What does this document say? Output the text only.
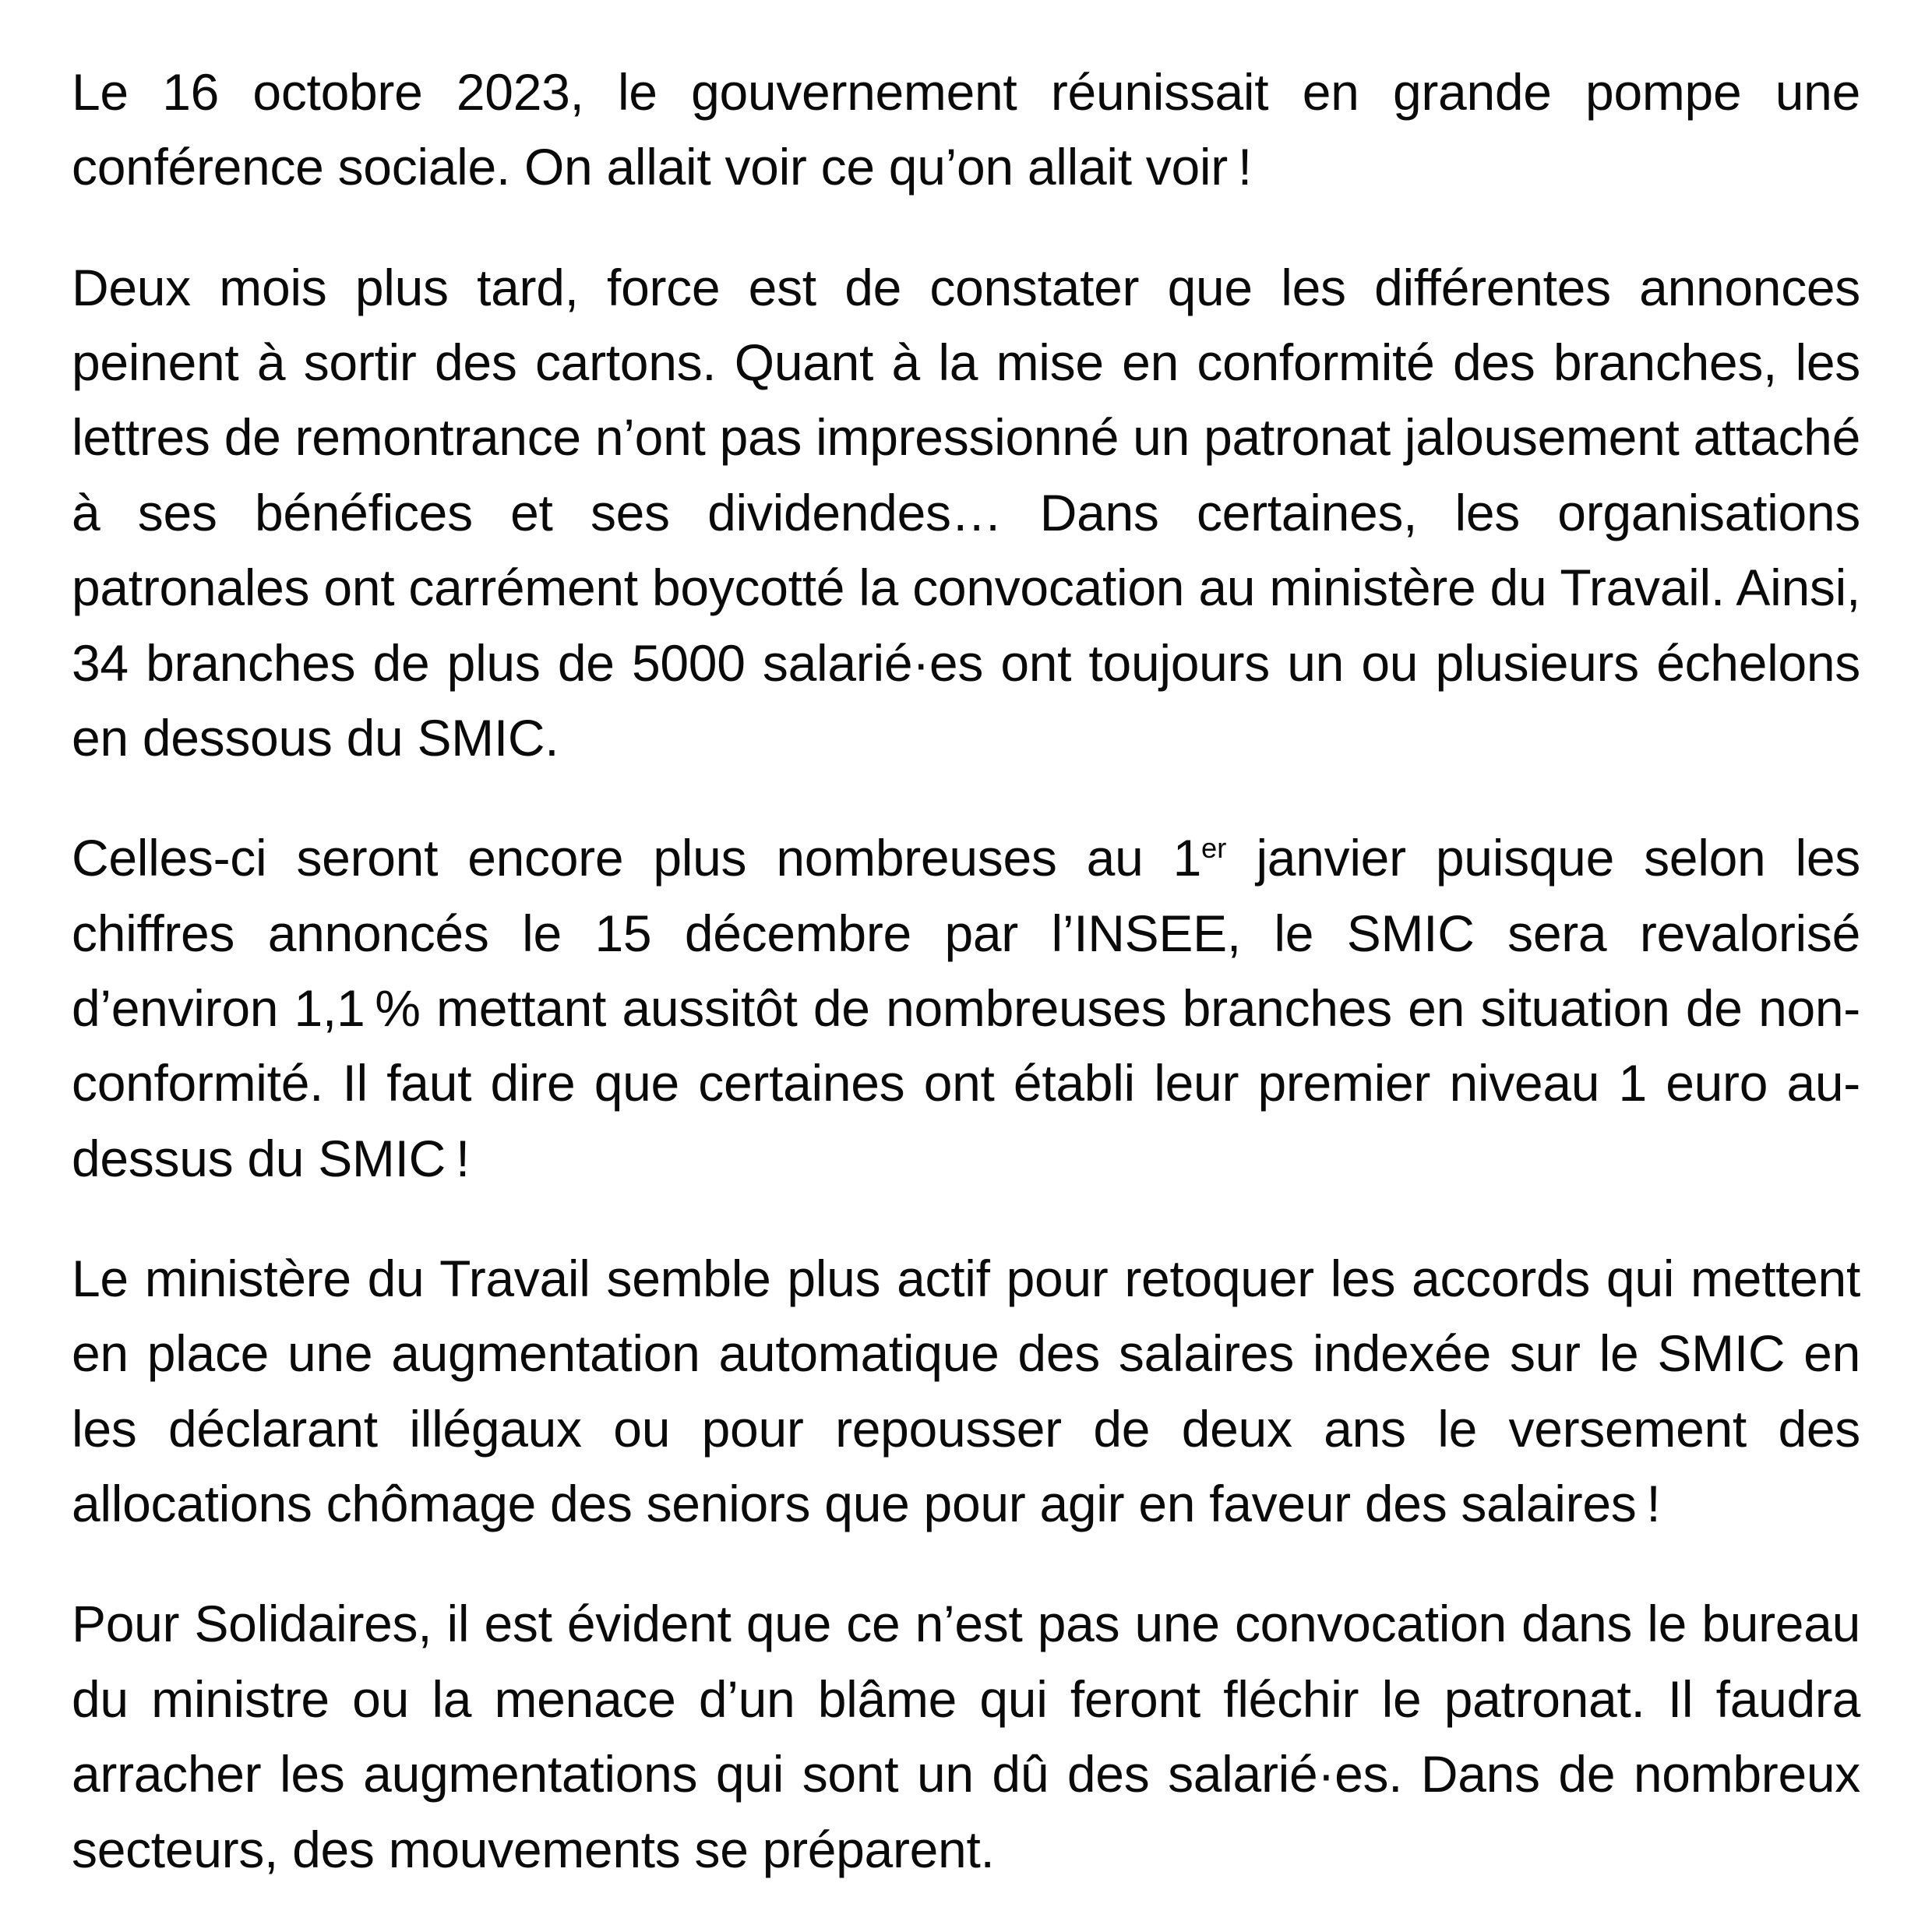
Le 16 octobre 2023, le gouvernement réunissait en grande pompe une conférence sociale. On allait voir ce qu’on allait voir !

Deux mois plus tard, force est de constater que les différentes annonces peinent à sortir des cartons. Quant à la mise en conformité des branches, les lettres de remontrance n’ont pas impressionné un patronat jalousement attaché à ses bénéfices et ses dividendes… Dans certaines, les organisations patronales ont carrément boycotté la convocation au ministère du Travail. Ainsi, 34 branches de plus de 5000 salarié·es ont toujours un ou plusieurs échelons en dessous du SMIC.

Celles-ci seront encore plus nombreuses au 1er janvier puisque selon les chiffres annoncés le 15 décembre par l’INSEE, le SMIC sera revalorisé d’environ 1,1 % mettant aussitôt de nombreuses branches en situation de non-conformité. Il faut dire que certaines ont établi leur premier niveau 1 euro au-dessus du SMIC !

Le ministère du Travail semble plus actif pour retoquer les accords qui mettent en place une augmentation automatique des salaires indexée sur le SMIC en les déclarant illégaux ou pour repousser de deux ans le versement des allocations chômage des seniors que pour agir en faveur des salaires !

Pour Solidaires, il est évident que ce n’est pas une convocation dans le bureau du ministre ou la menace d’un blâme qui feront fléchir le patronat. Il faudra arracher les augmentations qui sont un dû des salarié·es. Dans de nombreux secteurs, des mouvements se préparent.
